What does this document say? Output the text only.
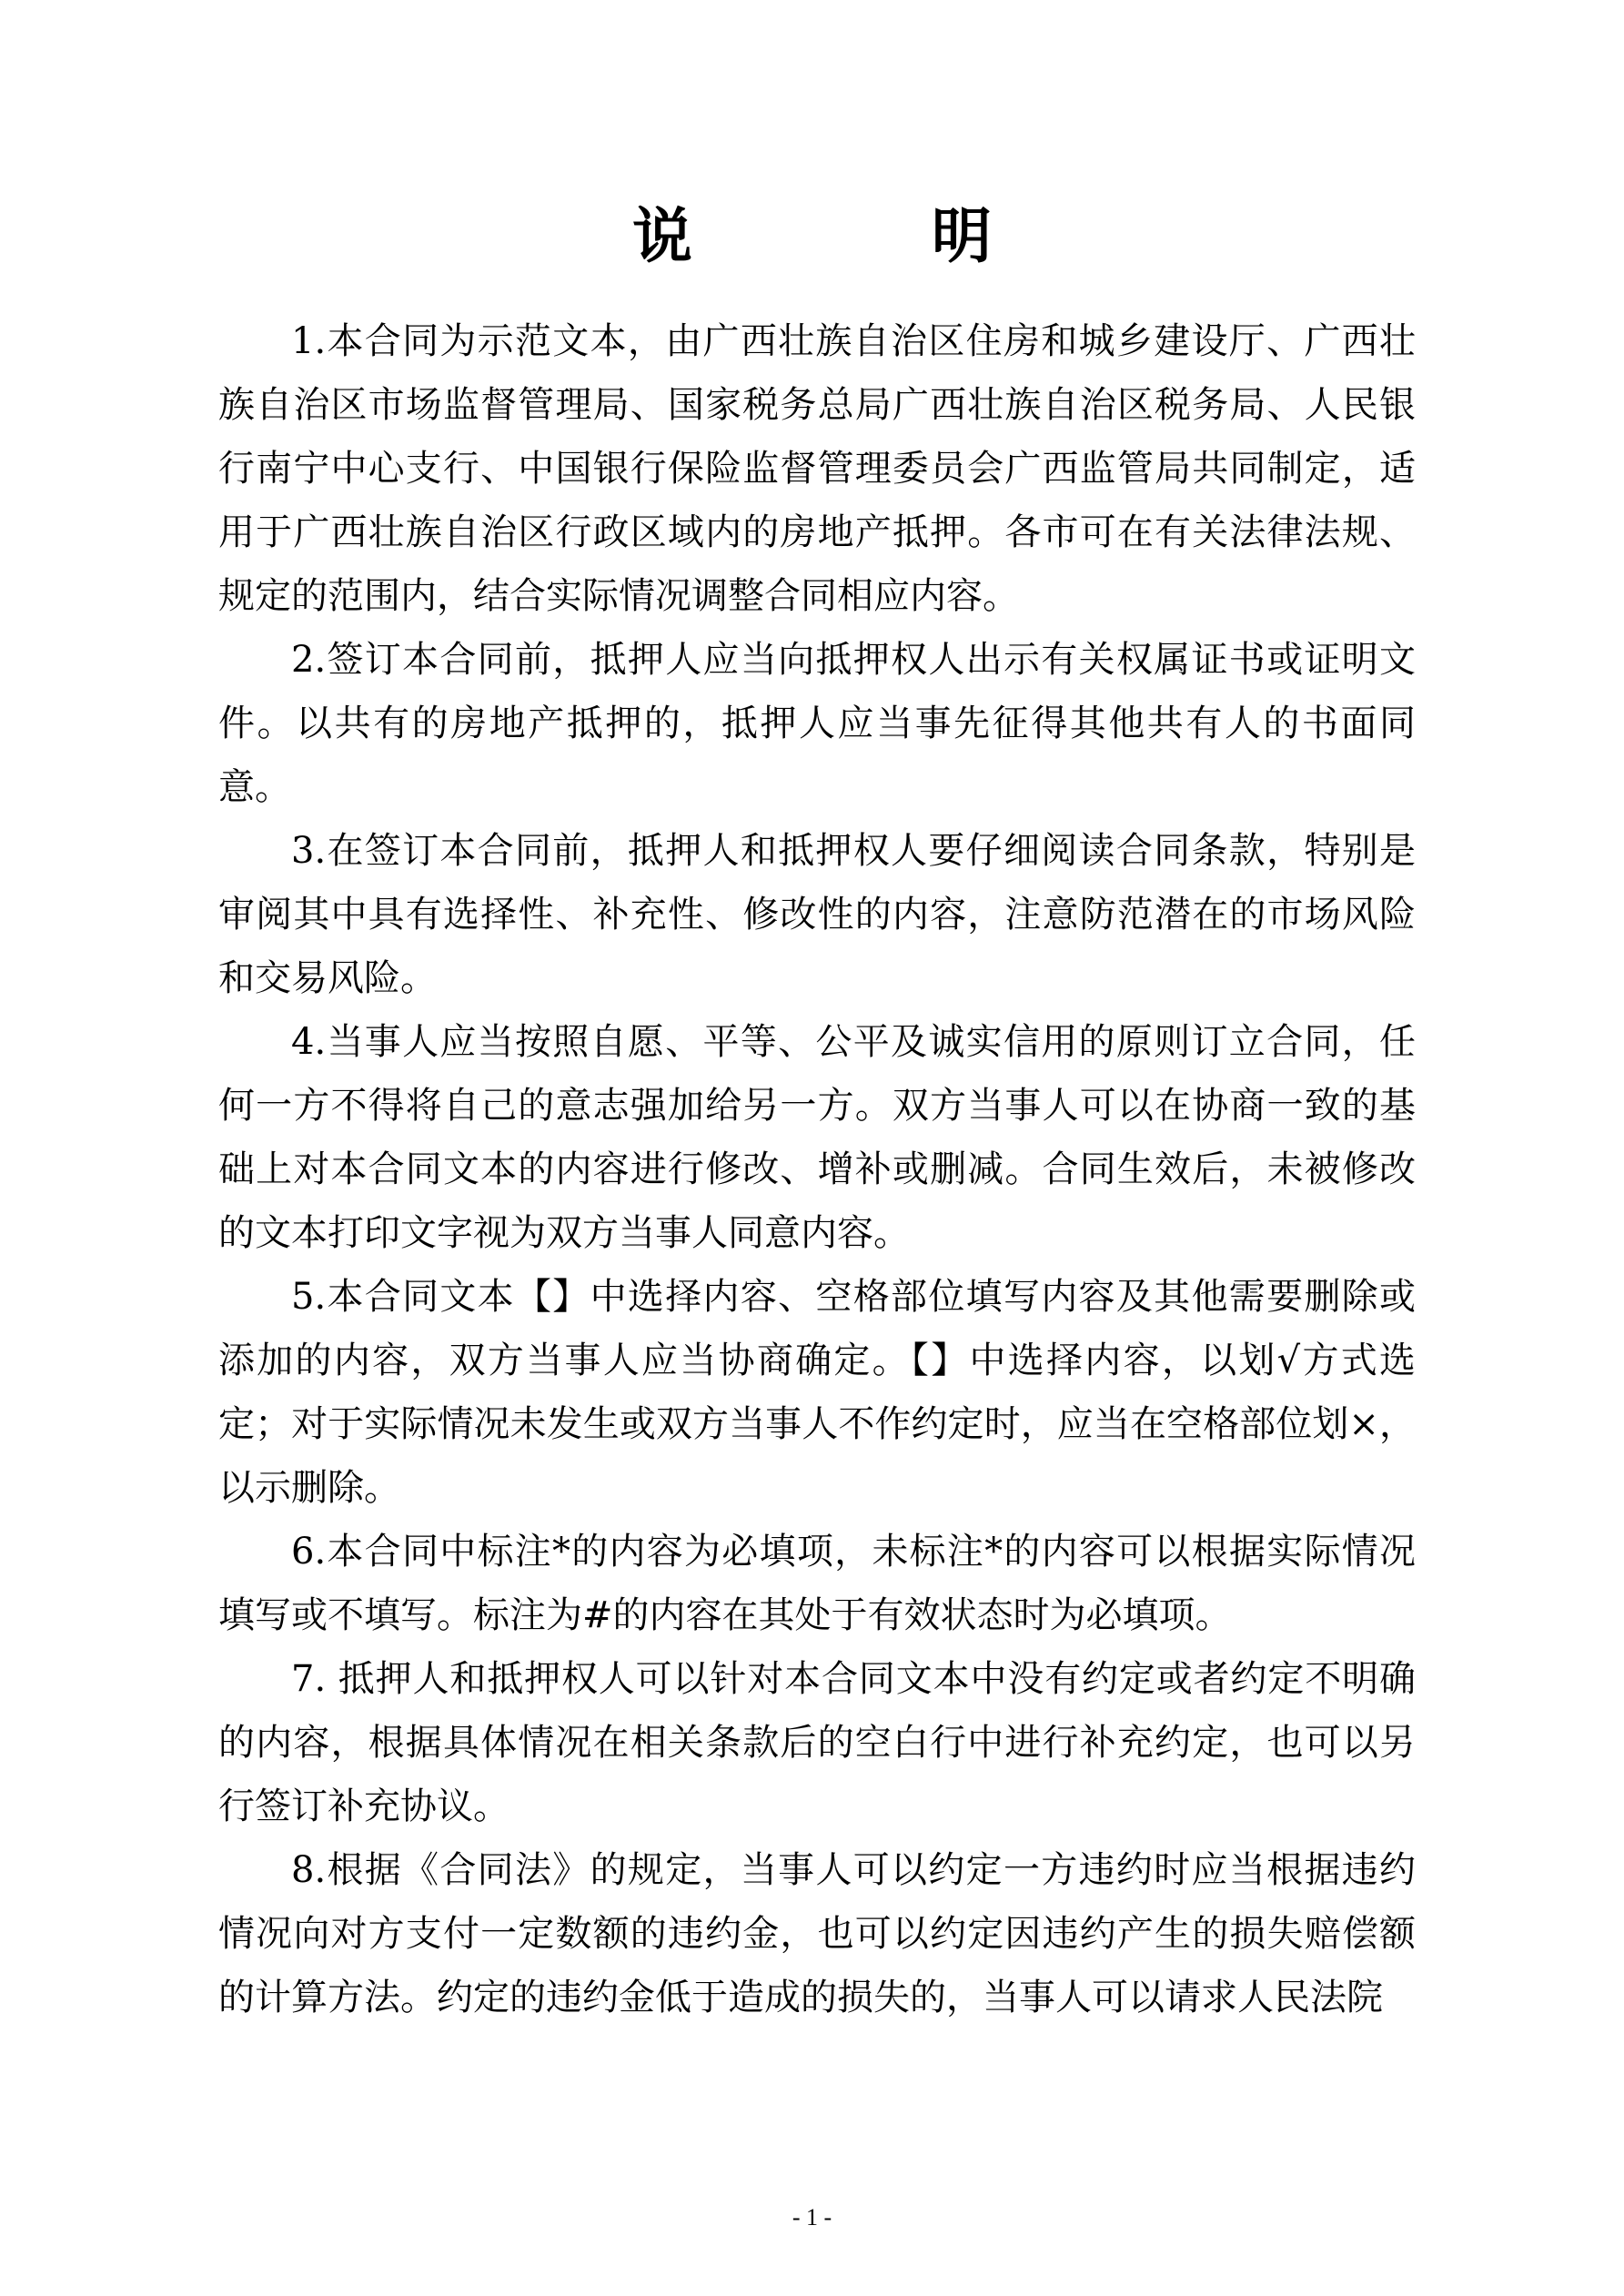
说 明

1.本合同为示范文本，由广西壮族自治区住房和城乡建设厅、广西壮族自治区市场监督管理局、国家税务总局广西壮族自治区税务局、人民银行南宁中心支行、中国银行保险监督管理委员会广西监管局共同制定，适用于广西壮族自治区行政区域内的房地产抵押。各市可在有关法律法规、规定的范围内，结合实际情况调整合同相应内容。

2.签订本合同前，抵押人应当向抵押权人出示有关权属证书或证明文件。以共有的房地产抵押的，抵押人应当事先征得其他共有人的书面同意。

3.在签订本合同前，抵押人和抵押权人要仔细阅读合同条款，特别是审阅其中具有选择性、补充性、修改性的内容，注意防范潜在的市场风险和交易风险。

4.当事人应当按照自愿、平等、公平及诚实信用的原则订立合同，任何一方不得将自己的意志强加给另一方。双方当事人可以在协商一致的基础上对本合同文本的内容进行修改、增补或删减。合同生效后，未被修改的文本打印文字视为双方当事人同意内容。

5.本合同文本【】中选择内容、空格部位填写内容及其他需要删除或添加的内容，双方当事人应当协商确定。【】中选择内容，以划√方式选定；对于实际情况未发生或双方当事人不作约定时，应当在空格部位划×，以示删除。

6.本合同中标注*的内容为必填项，未标注*的内容可以根据实际情况填写或不填写。标注为#的内容在其处于有效状态时为必填项。

7. 抵押人和抵押权人可以针对本合同文本中没有约定或者约定不明确的内容，根据具体情况在相关条款后的空白行中进行补充约定，也可以另行签订补充协议。

8.根据《合同法》的规定，当事人可以约定一方违约时应当根据违约情况向对方支付一定数额的违约金，也可以约定因违约产生的损失赔偿额的计算方法。约定的违约金低于造成的损失的，当事人可以请求人民法院

- 1 -
